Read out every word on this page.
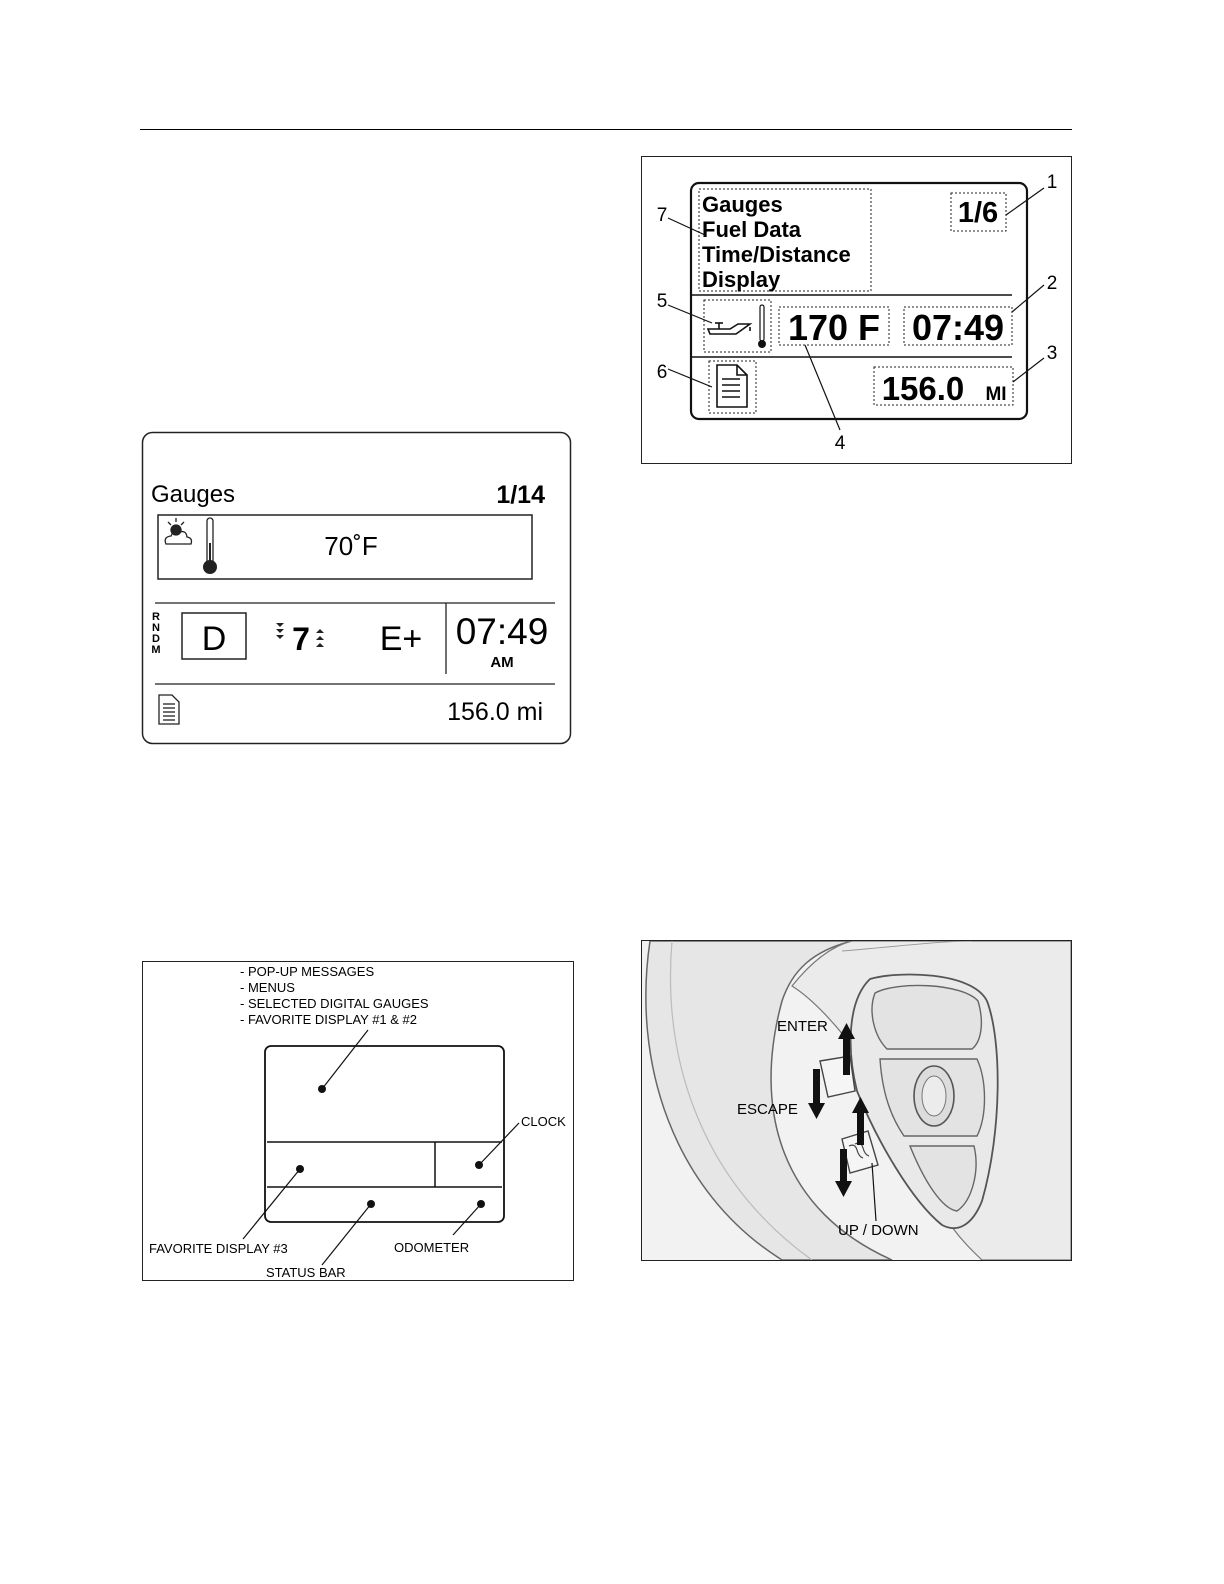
Gauges	1/14
70˚F
R
N
D
M D 7 E+ 07:49
AM
156.0 mi
Gauges
Fuel Data
Time/Distance
Display
1/6
170 F 07:49
156.0 MI
1
2
3
4
5
6
7
- POP-UP MESSAGES
- MENUS
- SELECTED DIGITAL GAUGES
- FAVORITE DISPLAY #1 & #2
CLOCK
FAVORITE DISPLAY #3	ODOMETER
STATUS BAR
ENTER
ESCAPE
UP / DOWN
